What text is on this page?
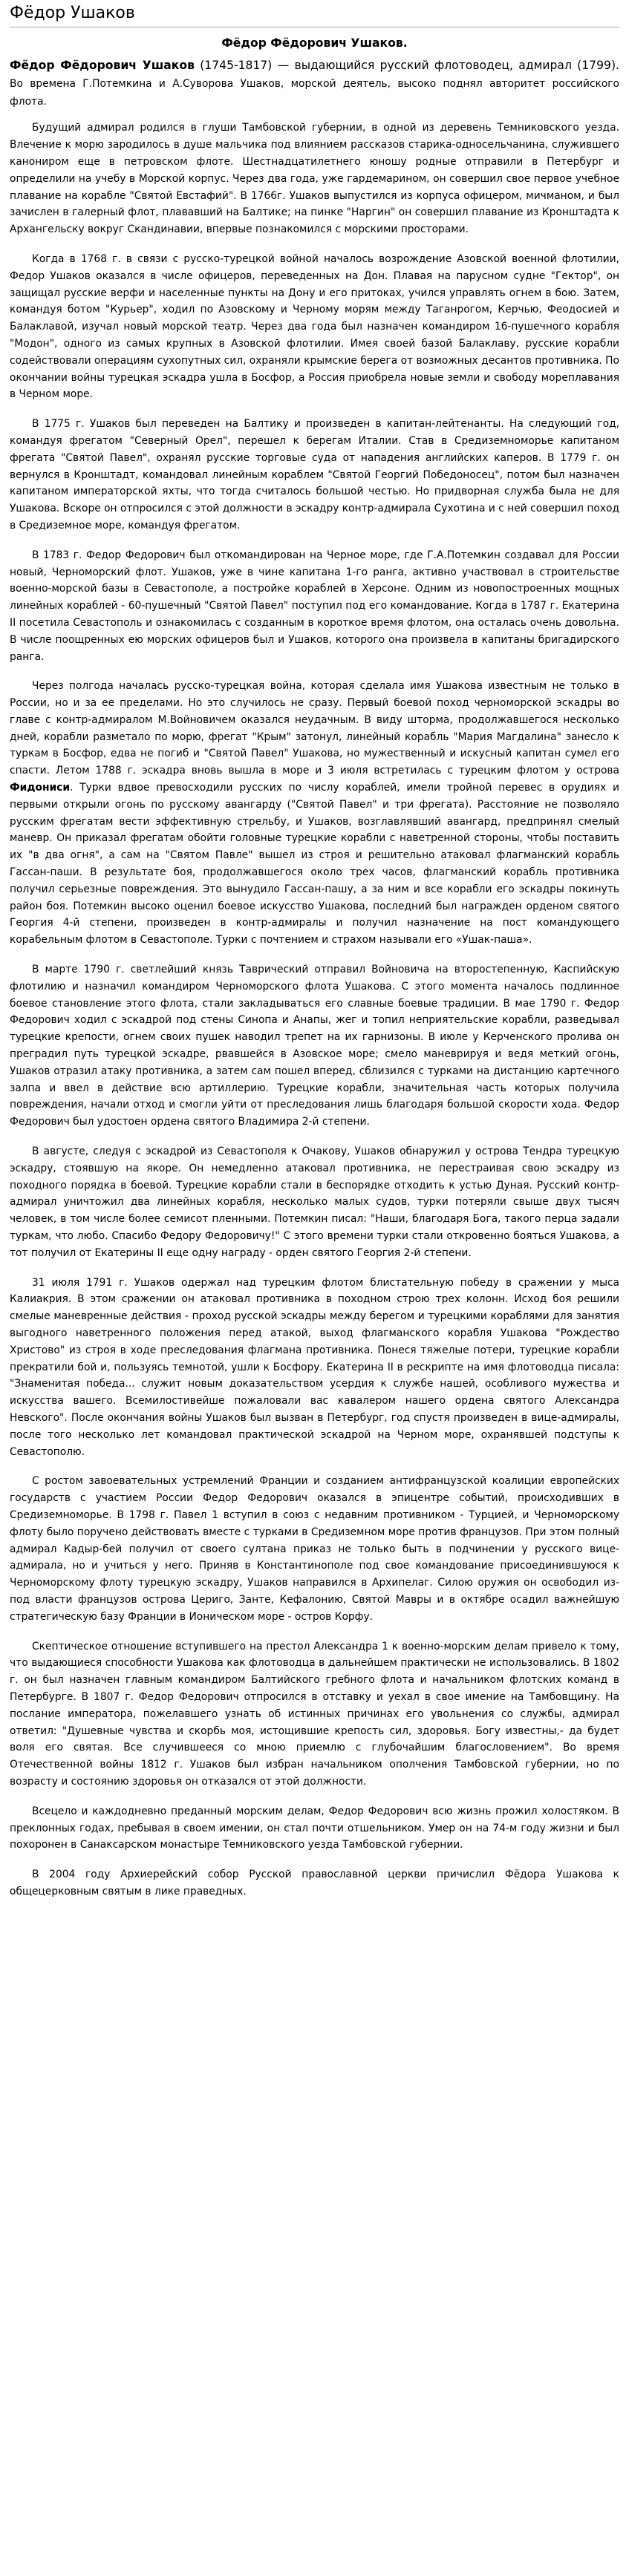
Фёдор Ушаков
Фёдор Фёдорович Ушаков.

Фёдор Фёдорович Ушаков (1745-1817) — выдающийся русский флотоводец, адмирал (1799). Во времена Г.Потемкина и А.Суворова Ушаков, морской деятель, высоко поднял авторитет российского флота.

Будущий адмирал родился в глуши Тамбовской губернии, в одной из деревень Темниковского уезда. Влечение к морю зародилось в душе мальчика под влиянием рассказов старика-односельчанина, служившего канониром еще в петровском флоте. Шестнадцатилетнего юношу родные отправили в Петербург и определили на учебу в Морской корпус. Через два года, уже гардемарином, он совершил свое первое учебное плавание на корабле "Святой Евстафий". В 1766г. Ушаков выпустился из корпуса офицером, мичманом, и был зачислен в галерный флот, плававший на Балтике; на пинке "Наргин" он совершил плавание из Кронштадта к Архангельску вокруг Скандинавии, впервые познакомился с морскими просторами.

Когда в 1768 г. в связи с русско-турецкой войной началось возрождение Азовской военной флотилии, Федор Ушаков оказался в числе офицеров, переведенных на Дон. Плавая на парусном судне "Гектор", он защищал русские верфи и населенные пункты на Дону и его притоках, учился управлять огнем в бою. Затем, командуя ботом "Курьер", ходил по Азовскому и Черному морям между Таганрогом, Керчью, Феодосией и Балаклавой, изучал новый морской театр. Через два года был назначен командиром 16-пушечного корабля "Модон", одного из самых крупных в Азовской флотилии. Имея своей базой Балаклаву, русские корабли содействовали операциям сухопутных сил, охраняли крымские берега от возможных десантов противника. По окончании войны турецкая эскадра ушла в Босфор, а Россия приобрела новые земли и свободу мореплавания в Черном море.

В 1775 г. Ушаков был переведен на Балтику и произведен в капитан-лейтенанты. На следующий год, командуя фрегатом "Северный Орел", перешел к берегам Италии. Став в Средиземноморье капитаном фрегата "Святой Павел", охранял русские торговые суда от нападения английских каперов. В 1779 г. он вернулся в Кронштадт, командовал линейным кораблем "Святой Георгий Победоносец", потом был назначен капитаном императорской яхты, что тогда считалось большой честью. Но придворная служба была не для Ушакова. Вскоре он отпросился с этой должности в эскадру контр-адмирала Сухотина и с ней совершил поход в Средиземное море, командуя фрегатом.

В 1783 г. Федор Федорович был откомандирован на Черное море, где Г.А.Потемкин создавал для России новый, Черноморский флот. Ушаков, уже в чине капитана 1-го ранга, активно участвовал в строительстве военно-морской базы в Севастополе, а постройке кораблей в Херсоне. Одним из новопостроенных мощных линейных кораблей - 60-пушечный "Святой Павел" поступил под его командование. Когда в 1787 г. Екатерина II посетила Севастополь и ознакомилась с созданным в короткое время флотом, она осталась очень довольна. В числе поощренных ею морских офицеров был и Ушаков, которого она произвела в капитаны бригадирского ранга.

Через полгода началась русско-турецкая война, которая сделала имя Ушакова известным не только в России, но и за ее пределами. Но это случилось не сразу. Первый боевой поход черноморской эскадры во главе с контр-адмиралом М.Войновичем оказался неудачным. В виду шторма, продолжавшегося несколько дней, корабли разметало по морю, фрегат "Крым" затонул, линейный корабль "Мария Магдалина" занесло к туркам в Босфор, едва не погиб и "Святой Павел" Ушакова, но мужественный и искусный капитан сумел его спасти. Летом 1788 г. эскадра вновь вышла в море и 3 июля встретилась с турецким флотом у острова Фидониси. Турки вдвое превосходили русских по числу кораблей, имели тройной перевес в орудиях и первыми открыли огонь по русскому авангарду ("Святой Павел" и три фрегата). Расстояние не позволяло русским фрегатам вести эффективную стрельбу, и Ушаков, возглавлявший авангард, предпринял смелый маневр. Он приказал фрегатам обойти головные турецкие корабли с наветренной стороны, чтобы поставить их "в два огня", а сам на "Святом Павле" вышел из строя и решительно атаковал флагманский корабль Гассан-паши. В результате боя, продолжавшегося около трех часов, флагманский корабль противника получил серьезные повреждения. Это вынудило Гассан-пашу, а за ним и все корабли его эскадры покинуть район боя. Потемкин высоко оценил боевое искусство Ушакова, последний был награжден орденом святого Георгия 4-й степени, произведен в контр-адмиралы и получил назначение на пост командующего корабельным флотом в Севастополе. Турки с почтением и страхом называли его «Ушак-паша».

В марте 1790 г. светлейший князь Таврический отправил Войновича на второстепенную, Каспийскую флотилию и назначил командиром Черноморского флота Ушакова. С этого момента началось подлинное боевое становление этого флота, стали закладываться его славные боевые традиции. В мае 1790 г. Федор Федорович ходил с эскадрой под стены Синопа и Анапы, жег и топил неприятельские корабли, разведывал турецкие крепости, огнем своих пушек наводил трепет на их гарнизоны. В июле у Керченского пролива он преградил путь турецкой эскадре, рвавшейся в Азовское море; смело маневрируя и ведя меткий огонь, Ушаков отразил атаку противника, а затем сам пошел вперед, сблизился с турками на дистанцию картечного залпа и ввел в действие всю артиллерию. Турецкие корабли, значительная часть которых получила повреждения, начали отход и смогли уйти от преследования лишь благодаря большой скорости хода. Федор Федорович был удостоен ордена святого Владимира 2-й степени.

В августе, следуя с эскадрой из Севастополя к Очакову, Ушаков обнаружил у острова Тендра турецкую эскадру, стоявшую на якоре. Он немедленно атаковал противника, не перестраивая свою эскадру из походного порядка в боевой. Турецкие корабли стали в беспорядке отходить к устью Дуная. Русский контр-адмирал уничтожил два линейных корабля, несколько малых судов, турки потеряли свыше двух тысяч человек, в том числе более семисот пленными. Потемкин писал: "Наши, благодаря Бога, такого перца задали туркам, что любо. Спасибо Федору Федоровичу!" С этого времени турки стали откровенно бояться Ушакова, а тот получил от Екатерины II еще одну награду - орден святого Георгия 2-й степени.

31 июля 1791 г. Ушаков одержал над турецким флотом блистательную победу в сражении у мыса Калиакрия. В этом сражении он атаковал противника в походном строю трех колонн. Исход боя решили смелые маневренные действия - проход русской эскадры между берегом и турецкими кораблями для занятия выгодного наветренного положения перед атакой, выход флагманского корабля Ушакова "Рождество Христово" из строя в ходе преследования флагмана противника. Понеся тяжелые потери, турецкие корабли прекратили бой и, пользуясь темнотой, ушли к Босфору. Екатерина II в рескрипте на имя флотоводца писала: "Знаменитая победа... служит новым доказательством усердия к службе нашей, особливого мужества и искусства вашего. Всемилостивейше пожаловали вас кавалером нашего ордена святого Александра Невского". После окончания войны Ушаков был вызван в Петербург, год спустя произведен в вице-адмиралы, после того несколько лет командовал практической эскадрой на Черном море, охранявшей подступы к Севастополю.

С ростом завоевательных устремлений Франции и созданием антифранцузской коалиции европейских государств с участием России Федор Федорович оказался в эпицентре событий, происходивших в Средиземноморье. В 1798 г. Павел 1 вступил в союз с недавним противником - Турцией, и Черноморскому флоту было поручено действовать вместе с турками в Средиземном море против французов. При этом полный адмирал Кадыр-бей получил от своего султана приказ не только быть в подчинении у русского вице-адмирала, но и учиться у него. Приняв в Константинополе под свое командование присоединившуюся к Черноморскому флоту турецкую эскадру, Ушаков направился в Архипелаг. Силою оружия он освободил из-под власти французов острова Цериго, Занте, Кефалонию, Святой Мавры и в октябре осадил важнейшую стратегическую базу Франции в Ионическом море - остров Корфу.

Скептическое отношение вступившего на престол Александра 1 к военно-морским делам привело к тому, что выдающиеся способности Ушакова как флотоводца в дальнейшем практически не использовались. В 1802 г. он был назначен главным командиром Балтийского гребного флота и начальником флотских команд в Петербурге. В 1807 г. Федор Федорович отпросился в отставку и уехал в свое имение на Тамбовщину. На послание императора, пожелавшего узнать об истинных причинах его увольнения со службы, адмирал ответил: "Душевные чувства и скорбь моя, истощившие крепость сил, здоровья. Богу известны,- да будет воля его святая. Все случившееся со мною приемлю с глубочайшим благословением". Во время Отечественной войны 1812 г. Ушаков был избран начальником ополчения Тамбовской губернии, но по возрасту и состоянию здоровья он отказался от этой должности.

Всецело и каждодневно преданный морским делам, Федор Федорович всю жизнь прожил холостяком. В преклонных годах, пребывая в своем имении, он стал почти отшельником. Умер он на 74-м году жизни и был похоронен в Санаксарском монастыре Темниковского уезда Тамбовской губернии.

В 2004 году Архиерейский собор Русской православной церкви причислил Фёдора Ушакова к общецерковным святым в лике праведных.
